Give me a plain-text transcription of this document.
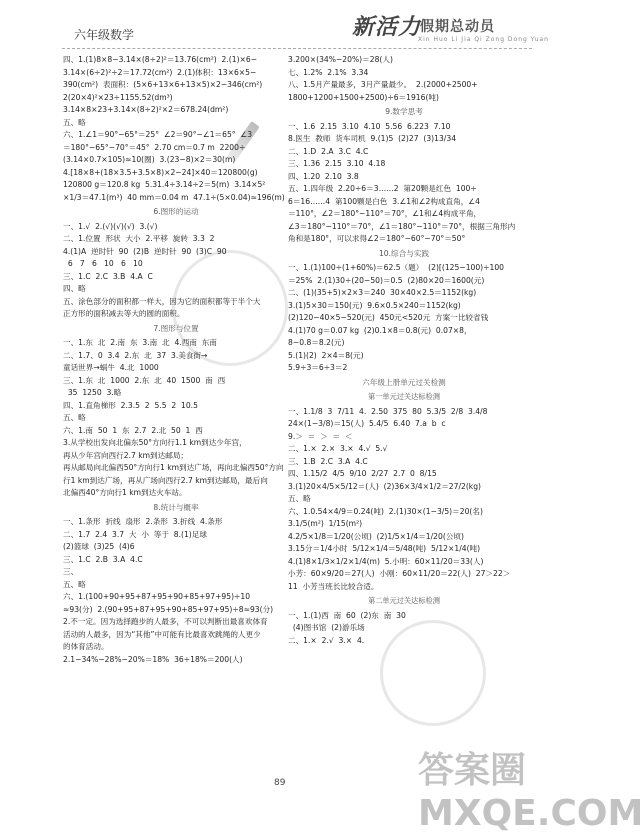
六年级数学	新活力
假期总动员
Xin Huo Li Jia Qi Zong Dong Yuan
四、1.(1)8×8−3.14×(8÷2)²＝13.76(cm²)  2.(1)×6−
3.14×(6÷2)²÷2＝17.72(cm²)  2.(1)体积：13×6×5−
390(cm²)  表面积：(5×6+13×6+13×5)×2−346(cm²)
2(20×4)²×23÷1155.52(dm³)
3.14×8×23+3.14×(8÷2)²×2＝678.24(dm²)
五、略
六、1.∠1＝90°−65°＝25°  ∠2＝90°−∠1＝65°  ∠3
＝180°−65°−70°＝45°  2.70 cm＝0.7 m  2200÷
(3.14×0.7×105)≈10(圈)  3.(23−8)×2＝30(m)
4.[18×8+(18×3.5+3.5×8)×2−24]×40＝120800(g)
120800 g＝120.8 kg  5.31.4÷3.14÷2＝5(m)  3.14×5²
×1/3＝47.1(m³)  40 mm＝0.04 m  47.1÷(5×0.04)≈196(m)
6.图形的运动
一、1.√  2.(√)(√)(√)  3.(√)
二、1.位置  形状  大小  2.平移  旋转  3.3  2
4.(1)A  逆时针  90  (2)B  逆时针  90  (3)C  90
6   7   6   10   6   10
三、1.C  2.C  3.B  4.A  C
四、略
五、涂色部分的面积都一样大，因为它的面积都等于半个大
正方形的面积减去等大的圆的面积。
7.图形与位置
一、1.东  北  2.南  东  3.南  北  4.西南  东南
二、1.7、0  3.4  2.东  北  37  3.美食街→
童话世界→蜗牛  4.北  1000
三、1.东  北  1000  2.东  北  40  1500  南  西
35  1250  3.略
四、1.直角梯形  2.3.5  2  5.5  2  10.5
五、略
六、1.南  50  1  东  2.7  2.北  50  1  西
3.从学校出发向北偏东50°方向行1.1 km到达少年宫，
再从少年宫向西行2.7 km到达邮局；
再从邮局向北偏西50°方向行1 km到达广场，再向北偏西50°方向
行1 km到达广场，再从广场向西行2.7 km到达邮局，最后向
北偏西40°方向行1 km到达火车站。
8.统计与概率
一、1.条形  折线  扇形  2.条形  3.折线  4.条形
二、1.7  2.4  3.7  大  小  等于  8.(1)足球
(2)篮球  (3)25  (4)6
三、1.C  2.B  3.A  4.C
三、
五、略
六、1.(100+90+95+87+95+90+85+97+95)÷10
≈93(分)  2.(90+95+87+95+90+85+97+95)÷8≈93(分)
2.不一定。因为选择跑步的人最多，不可以判断出最喜欢体育
活动的人最多，因为“其他”中可能有比最喜欢跳绳的人更少
的体育活动。
2.1−34%−28%−20%＝18%  36÷18%＝200(人)
3.200×(34%−20%)＝28(人)
七、1.2%  2.1%  3.34
八、1.5月产量最多，3月产量最少。  2.(2000+2500+
1800+1200+1500+2500)÷6＝1916(吨)
9.数学思考
一、1.6  2.15  3.10  4.10  5.56  6.223  7.10
8.医生  教师  货车司机  9.(1)5  (2)27  (3)13/34
二、1.D  2.A  3.C  4.C
三、1.36  2.15  3.10  4.18
四、1.20  2.10  3.8
五、1.四年级  2.20÷6＝3……2  第20颗是红色  100÷
6＝16……4  第100颗是白色  3.∠1和∠2构成直角，∠4
＝110°，∠2＝180°−110°＝70°，∠1和∠4构成平角，
∠3＝180°−110°＝70°，∠1＝180°−110°＝70°，根据三角形内
角和是180°，可以求得∠2＝180°−60°−70°＝50°
10.综合与实践
一、1.(1)100÷(1+60%)＝62.5（题）  (2)[(125−100)÷100
＝25%  2.(1)30÷(20−50)＝0.5  (2)80×20＝1600(元)
二、(1)(35+5)×2×3＝240  30×40×2.5＝1152(kg)
3.(1)5×30＝150(元)  9.6×0.5×240＝1152(kg)
(2)120−40×5−520(元)  450元<520元  方案一比较省钱
4.(1)70 g＝0.07 kg  (2)0.1×8＝0.8(元)  0.07×8，
8−0.8＝8.2(元)
5.(1)(2)  2×4＝8(元)
5.9÷3＝6÷3＝2
六年级上册单元过关检测
第一单元过关达标检测
一、1.1/8  3  7/11  4.  2.50  375  80  5.3/5  2/8  3.4/8
24×(1−3/8)＝15(人)  5.4/5  6.40  7.a  b  c
9.＞  ＝  ＞  ＝  ＜
二、1.×  2.×  3.×  4.√  5.√
三、1.B  2.C  3.A  4.C
四、1.15/2  4/5  9/10  2/27  2.7  0  8/15
3.(1)20×4/5×5/12＝(人)  (2)36×3/4×1/2＝27/2(kg)
五、略
六、1.0.54×4/9＝0.24(吨)  2.(1)30×(1−3/5)＝20(名)
3.1/5(m²)  1/15(m²)
4.2/5×1/8＝1/20(公顷)  (2)1/5×1/4＝1/20(公顷)
3.15分＝1/4小时  5/12×1/4＝5/48(吨)  5/12×1/4(吨)
4.(1)8×1/3×1/2×1/4(m)  5.小明：60×11/20＝33(人)
小芳：60×9/20＝27(人)  小刚：60×11/20＝22(人)  27＞22＞
11  小芳当班长比较合适。
第二单元过关达标检测
一、1.(1)西  南  60  (2)东  南  30
(4)图书馆  (2)游乐场
二、1.×  2.√  3.×  4.
答案圈 MXQE.COM
89
